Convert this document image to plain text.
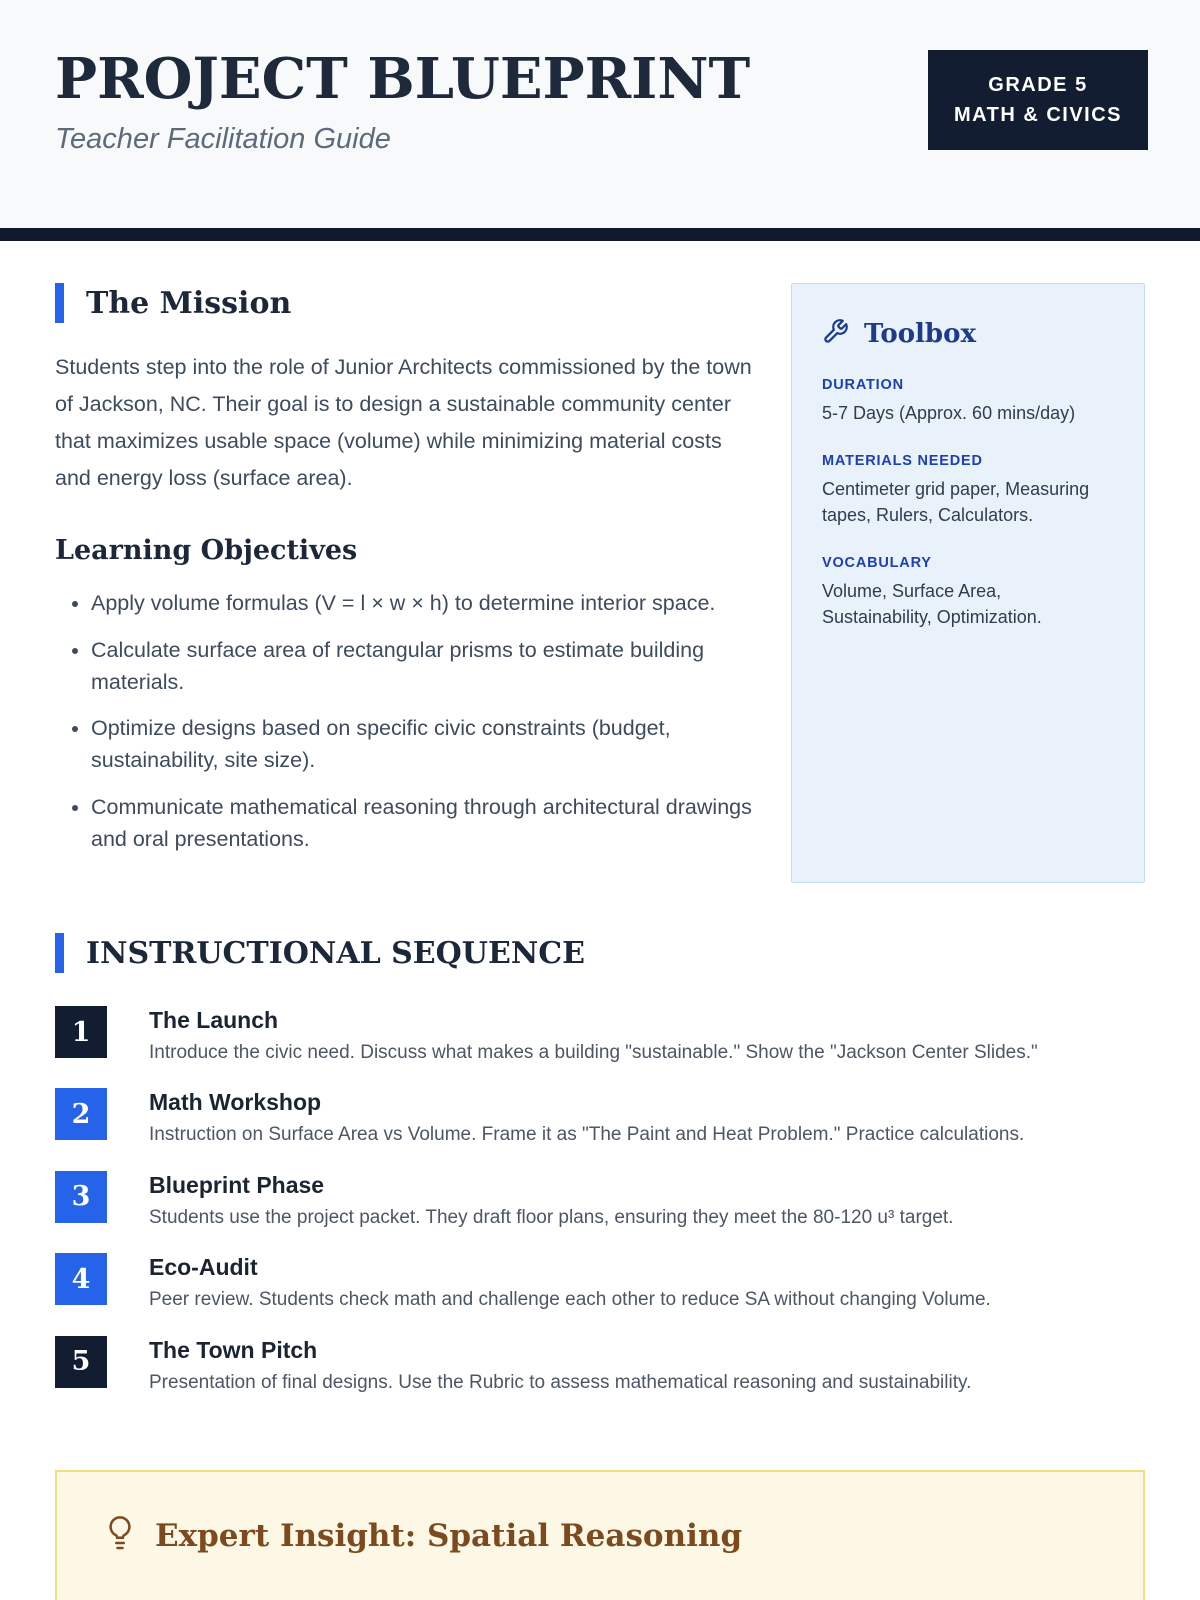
PROJECT BLUEPRINT
Teacher Facilitation Guide
GRADE 5
MATH & CIVICS
The Mission

Students step into the role of Junior Architects commissioned by the town of Jackson, NC. Their goal is to design a sustainable community center that maximizes usable space (volume) while minimizing material costs and energy loss (surface area).

Learning Objectives
• Apply volume formulas (V = l × w × h) to determine interior space.
• Calculate surface area of rectangular prisms to estimate building materials.
• Optimize designs based on specific civic constraints (budget, sustainability, site size).
• Communicate mathematical reasoning through architectural drawings and oral presentations.
Toolbox
DURATION
5-7 Days (Approx. 60 mins/day)
MATERIALS NEEDED
Centimeter grid paper, Measuring tapes, Rulers, Calculators.
VOCABULARY
Volume, Surface Area, Sustainability, Optimization.
INSTRUCTIONAL SEQUENCE
1	The Launch
Introduce the civic need. Discuss what makes a building "sustainable." Show the "Jackson Center Slides."
2	Math Workshop
Instruction on Surface Area vs Volume. Frame it as "The Paint and Heat Problem." Practice calculations.
3	Blueprint Phase
Students use the project packet. They draft floor plans, ensuring they meet the 80-120 u³ target.
4	Eco-Audit
Peer review. Students check math and challenge each other to reduce SA without changing Volume.
5	The Town Pitch
Presentation of final designs. Use the Rubric to assess mathematical reasoning and sustainability.
Expert Insight: Spatial Reasoning
